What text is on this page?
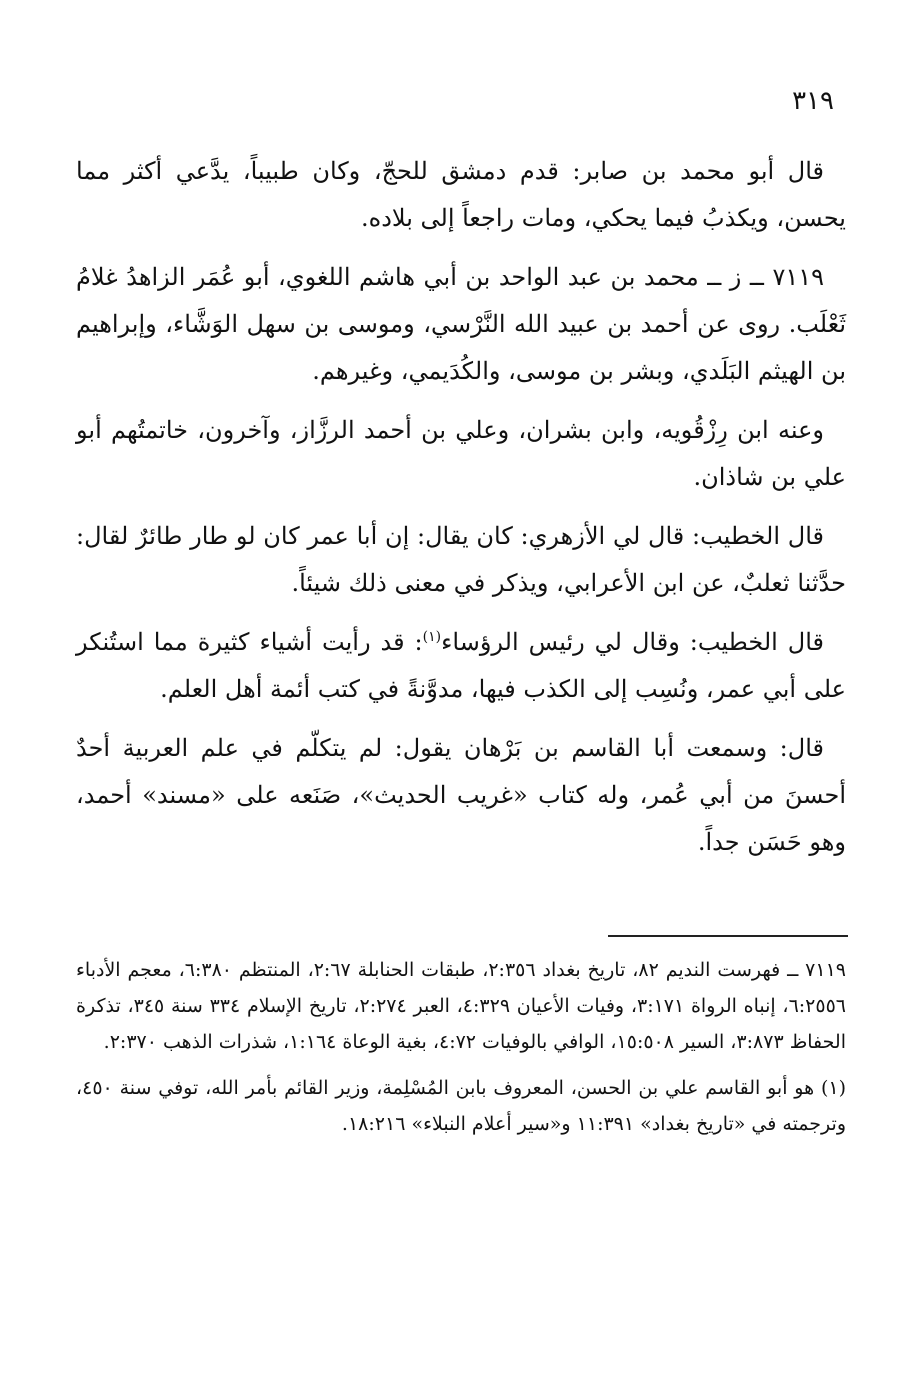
٣١٩

قال أبو محمد بن صابر: قدم دمشق للحجّ، وكان طبيباً، يدَّعي أكثر مما يحسن، ويكذبُ فيما يحكي، ومات راجعاً إلى بلاده.

٧١١٩ ــ ز ــ محمد بن عبد الواحد بن أبي هاشم اللغوي، أبو عُمَر الزاهدُ غلامُ ثَعْلَب. روى عن أحمد بن عبيد الله النَّرْسي، وموسى بن سهل الوَشَّاء، وإبراهيم بن الهيثم البَلَدي، وبشر بن موسى، والكُدَيمي، وغيرهم.

وعنه ابن رِزْقُويه، وابن بشران، وعلي بن أحمد الرزَّاز، وآخرون، خاتمتُهم أبو علي بن شاذان.

قال الخطيب: قال لي الأزهري: كان يقال: إن أبا عمر كان لو طار طائرٌ لقال: حدَّثنا ثعلبٌ، عن ابن الأعرابي، ويذكر في معنى ذلك شيئاً.

قال الخطيب: وقال لي رئيس الرؤساء$^{(١)}$: قد رأيت أشياء كثيرة مما استُنكر على أبي عمر، ونُسِب إلى الكذب فيها، مدوَّنةً في كتب أئمة أهل العلم.

قال: وسمعت أبا القاسم بن بَرْهان يقول: لم يتكلّم في علم العربية أحدٌ أحسنَ من أبي عُمر، وله كتاب «غريب الحديث»، صَنَعه على «مسند» أحمد، وهو حَسَن جداً.

٧١١٩ ــ فهرست النديم ٨٢، تاريخ بغداد ٢:٣٥٦، طبقات الحنابلة ٢:٦٧، المنتظم ٦:٣٨٠، معجم الأدباء ٦:٢٥٥٦، إنباه الرواة ٣:١٧١، وفيات الأعيان ٤:٣٢٩، العبر ٢:٢٧٤، تاريخ الإسلام ٣٣٤ سنة ٣٤٥، تذكرة الحفاظ ٣:٨٧٣، السير ١٥:٥٠٨، الوافي بالوفيات ٤:٧٢، بغية الوعاة ١:١٦٤، شذرات الذهب ٢:٣٧٠.

(١) هو أبو القاسم علي بن الحسن، المعروف بابن المُسْلِمة، وزير القائم بأمر الله، توفي سنة ٤٥٠، وترجمته في «تاريخ بغداد» ١١:٣٩١ و«سير أعلام النبلاء» ١٨:٢١٦.
